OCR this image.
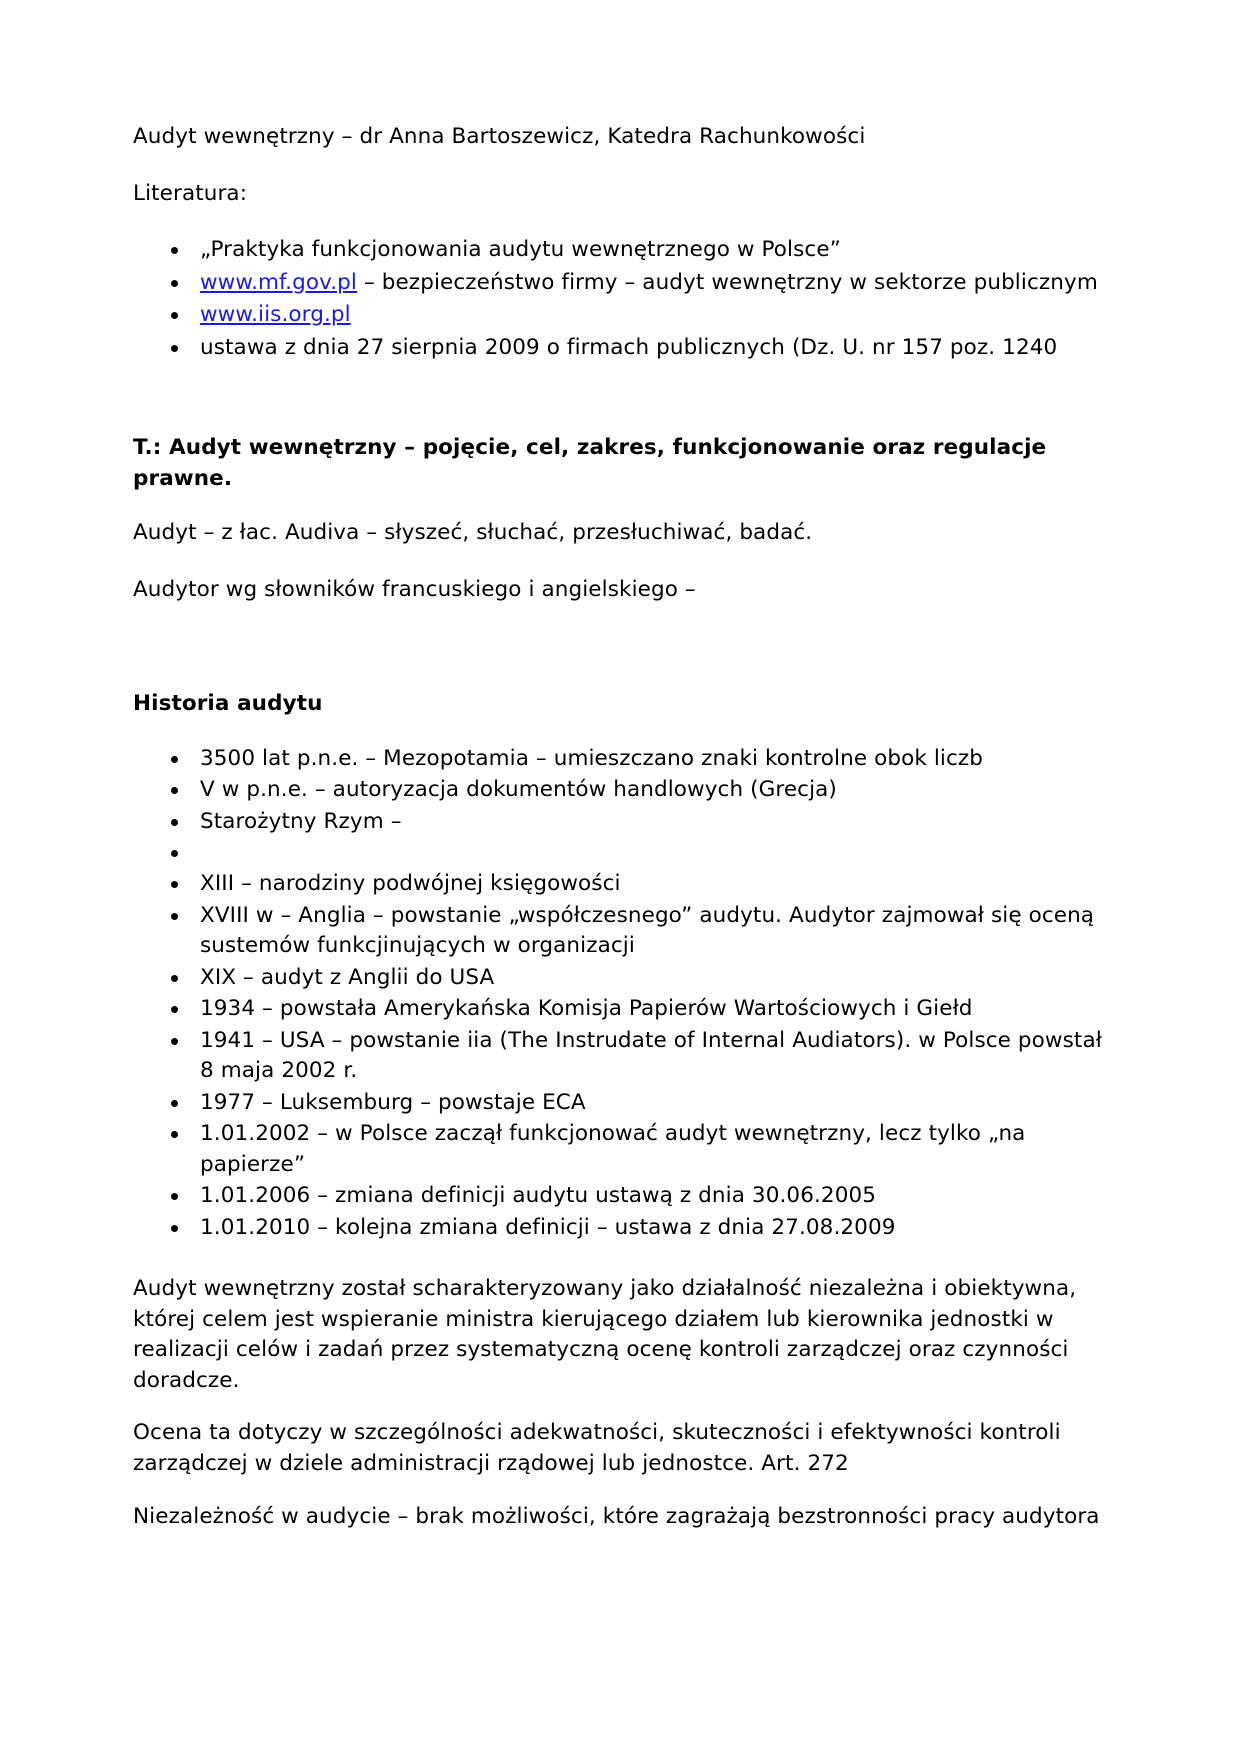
Audyt wewnętrzny – dr Anna Bartoszewicz, Katedra Rachunkowości

Literatura:

„Praktyka funkcjonowania audytu wewnętrznego w Polsce”
www.mf.gov.pl – bezpieczeństwo firmy – audyt wewnętrzny w sektorze publicznym
www.iis.org.pl
ustawa z dnia 27 sierpnia 2009 o firmach publicznych (Dz. U. nr 157 poz. 1240

T.: Audyt wewnętrzny – pojęcie, cel, zakres, funkcjonowanie oraz regulacje prawne.

Audyt – z łac. Audiva – słyszeć, słuchać, przesłuchiwać, badać.

Audytor wg słowników francuskiego i angielskiego –

Historia audytu

3500 lat p.n.e. – Mezopotamia – umieszczano znaki kontrolne obok liczb
V w p.n.e. – autoryzacja dokumentów handlowych (Grecja)
Starożytny Rzym –
XIII – narodziny podwójnej księgowości
XVIII w – Anglia – powstanie „współczesnego” audytu. Audytor zajmował się oceną sustemów funkcjinujących w organizacji
XIX – audyt z Anglii do USA
1934 – powstała Amerykańska Komisja Papierów Wartościowych i Giełd
1941 – USA – powstanie iia (The Instrudate of Internal Audiators). w Polsce powstał 8 maja 2002 r.
1977 – Luksemburg – powstaje ECA
1.01.2002 – w Polsce zaczął funkcjonować audyt wewnętrzny, lecz tylko „na papierze”
1.01.2006 – zmiana definicji audytu ustawą z dnia 30.06.2005
1.01.2010 – kolejna zmiana definicji – ustawa z dnia 27.08.2009

Audyt wewnętrzny został scharakteryzowany jako działalność niezależna i obiektywna, której celem jest wspieranie ministra kierującego działem lub kierownika jednostki w realizacji celów i zadań przez systematyczną ocenę kontroli zarządczej oraz czynności doradcze.

Ocena ta dotyczy w szczególności adekwatności, skuteczności i efektywności kontroli zarządczej w dziele administracji rządowej lub jednostce. Art. 272

Niezależność w audycie – brak możliwości, które zagrażają bezstronności pracy audytora
